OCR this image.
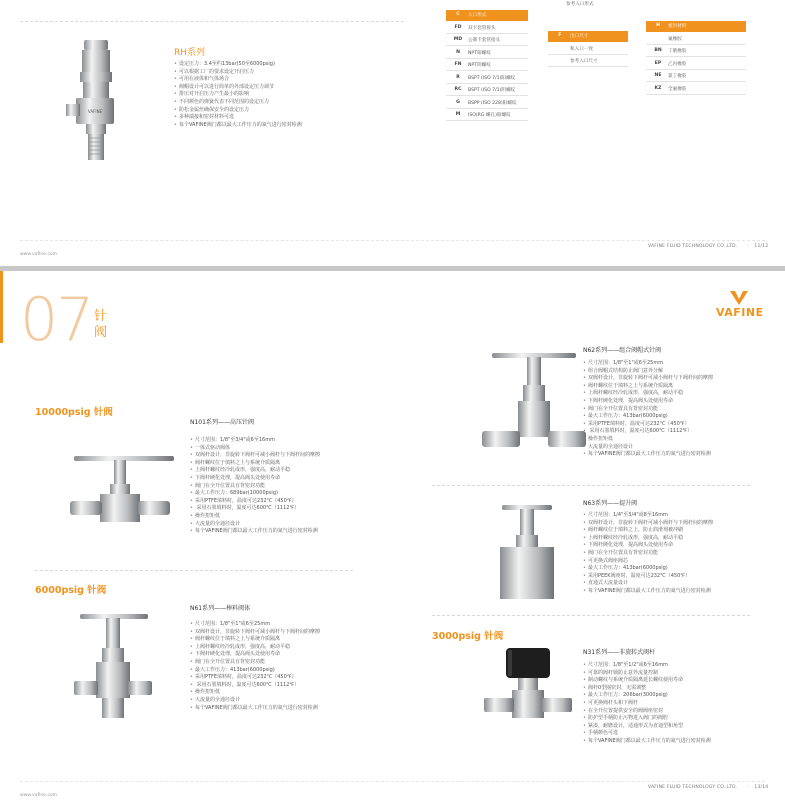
VAFINE
RH系列
• 设定压力：3.4至约13bar(50至6000psig)
• 可以根据工厂的要求设定开启压力
• 可用在液体和气体场合
• 阀帽设计可以进行简单的外部设定压力调节
• 排压对开启压力产生最小的影响
• 不同颜色的弹簧代表不同范围的设定压力
• 防松金属丝确保安全的设定压力
• 多种端接和密封材料可选
• 每个VAFINE阀门都以最大工作压力的氮气进行密封检测
C	入口形式
FD	双卡套管接头
MD	公制卡套管接头
N	NPT阳螺纹
FN	NPT阴螺纹
R	BSPT (ISO 7/1)阳螺纹
RC	BSPT (ISO 7/1)阴螺纹
G	BSPP (ISO 228)阳螺纹
M	ISO(RG 螺孔)阳螺纹
参考入口形式
F	出口尺寸
和入口一致
参考入口尺寸
H	密封材料
氟橡胶
BN	丁腈橡胶
EP	乙丙橡胶
NE	氯丁橡胶
KZ	全氟橡胶
www.vafine.com
VAFINE FLUID TECHNOLOGY CO.,LTD. · 11/12
07 针
阀
VAFINE
10000psig 针阀
6000psig 针阀
3000psig 针阀
N101系列——高压针阀
• 尺寸范围：1/8"至3/4"或6至16mm
• 一体式驱动阀体
• 双阀杆设计，非旋转下阀杆可减小阀杆与下阀杆间的摩擦
• 阀杆螺纹位于填料之上与系统介质隔离
• 上阀杆螺纹经冷轧成形，强度高，耐动平稳
• 下阀杆硬化处理，提高阀头处使用寿命
• 阀门在全开位置具有背密封功能
• 最大工作压力：689bar(10000psig)
• 采用PTFE填料时，温度可达232℃（450℉）
• 采用石墨填料时，温度可达600℃（1112℉）
• 操作扭矩低
• 大流量的全通径设计
• 每个VAFINE阀门都以最大工作压力的氮气进行密封检测
N61系列——棒料阀体
• 尺寸范围：1/8"至1"或6至25mm
• 双阀杆设计，非旋转下阀杆可减小阀杆与下阀杆间的摩擦
• 阀杆螺纹位于填料之上与系统介质隔离
• 上阀杆螺纹经冷轧成形，强度高，耐动平稳
• 下阀杆硬化处理，提高阀头处使用寿命
• 阀门在全开位置具有背密封功能
• 最大工作压力：413bar(6000psig)
• 采用PTFE填料时，温度可达232℃（450℉）
• 采用石墨填料时，温度可达600℃（1112℉）
• 操作扭矩低
• 大流量的全通径设计
• 每个VAFINE阀门都以最大工作压力的氮气进行密封检测
N62系列——组合阀帽式针阀
• 尺寸范围：1/8"至1"或6至25mm
• 组合阀帽式结构防止阀门意外分解
• 双阀杆设计，非旋转下阀杆可减小阀杆与下阀杆间的摩擦
• 阀杆螺纹位于填料之上与系统介质隔离
• 上阀杆螺纹经冷轧成形，强度高，耐动平稳
• 下阀杆硬化处理，提高阀头处使用寿命
• 阀门在全开位置具有背密封功能
• 最大工作压力：413bar(6000psig)
• 采用PTFE填料时，温度可达232℃（450℉）
• 采用石墨填料时，温度可达600℃（1112℉）
• 操作扭矩低
• 大流量的全通径设计
• 每个VAFINE阀门都以最大工作压力的氮气进行密封检测
N63系列——提升阀
• 尺寸范围：1/4"至3/4"或8至16mm
• 双阀杆设计，非旋转下阀杆可减小阀杆与下阀杆间的摩擦
• 阀杆螺纹位于填料之上，防止润滑剂被冲刷
• 上阀杆螺纹经冷轧成形，强度高，耐动平稳
• 下阀杆硬化处理，提高阀头处使用寿命
• 阀门在全开位置具有背密封功能
• 可更换式阀座阀芯
• 最大工作压力：413bar(6000psig)
• 采用PEEK阀座时，温度可达232℃（450℉）
• 直通式大流量设计
• 每个VAFINE阀门都以最大工作压力的氮气进行密封检测
N31系列——非旋转式阀杆
• 尺寸范围：1/8"至1/2"或6至16mm
• 可靠的阀杆锁防止意外流量控制
• 制动螺纹与系统介质隔离延长螺纹使用寿命
• 阀杆0型圈密封，无需调整
• 最大工作压力：206bar(3000psig)
• 可更换阀杆头和下阀杆
• 在全开位置提供安全的阀阀座密封
• 防护型手柄防止污物进入阀门的阀腔
• 紧凑，耐磨设计，适通形式为直通型和角型
• 手柄颜色可选
• 每个VAFINE阀门都以最大工作压力的氮气进行密封检测
www.vafine.com
VAFINE FLUID TECHNOLOGY CO.,LTD. · 13/14
